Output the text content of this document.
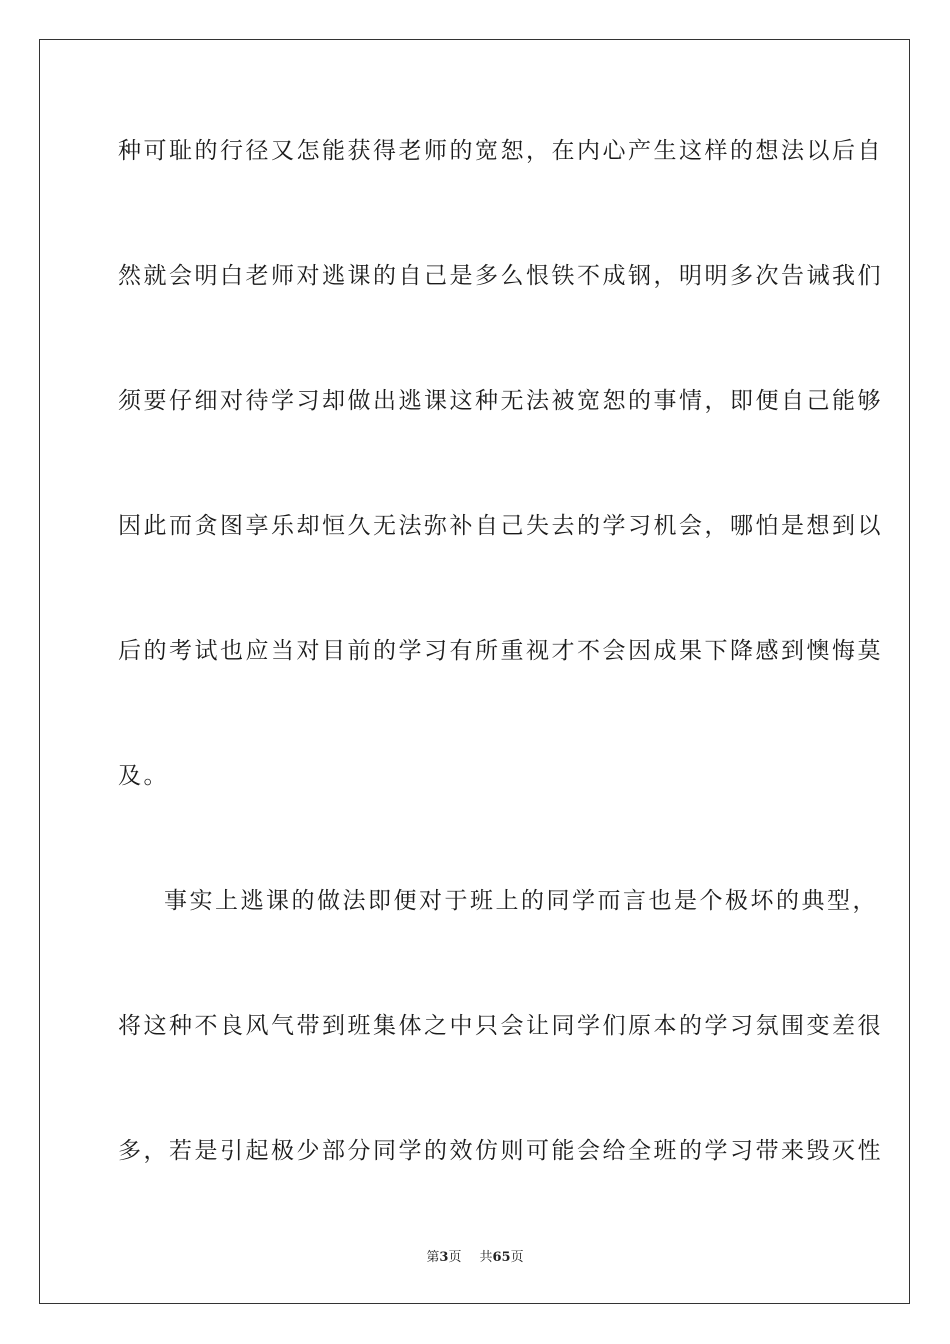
种可耻的行径又怎能获得老师的宽恕，在内心产生这样的想法以后自
然就会明白老师对逃课的自己是多么恨铁不成钢，明明多次告诫我们
须要仔细对待学习却做出逃课这种无法被宽恕的事情，即便自己能够
因此而贪图享乐却恒久无法弥补自己失去的学习机会，哪怕是想到以
后的考试也应当对目前的学习有所重视才不会因成果下降感到懊悔莫
及。
事实上逃课的做法即便对于班上的同学而言也是个极坏的典型，
将这种不良风气带到班集体之中只会让同学们原本的学习氛围变差很
多，若是引起极少部分同学的效仿则可能会给全班的学习带来毁灭性
第3页 共65页
